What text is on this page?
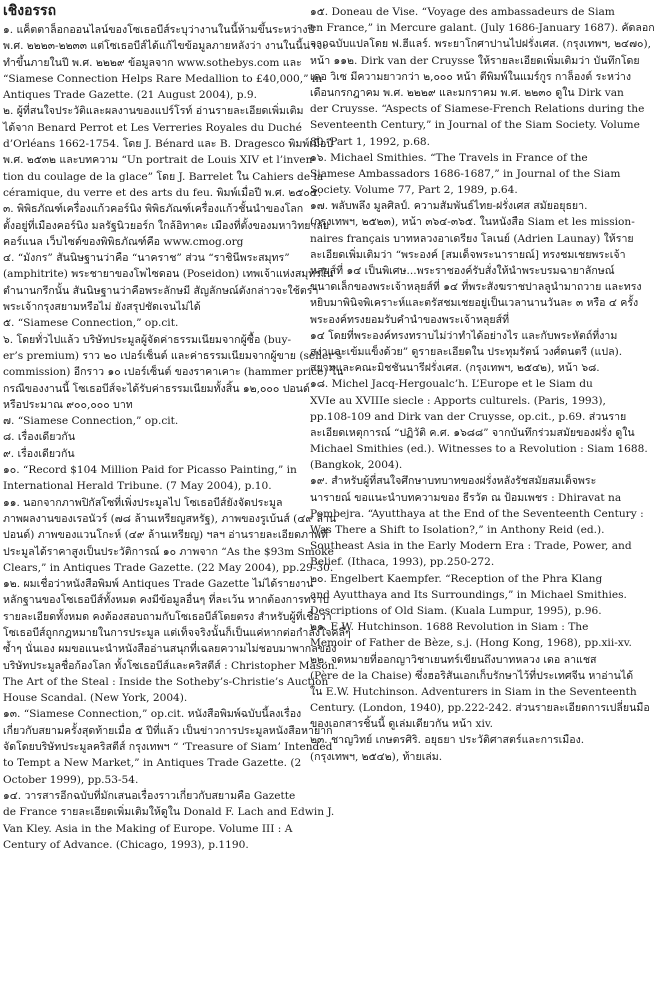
เชิงอรรถ
๑. แค็ตตาล็อกออนไลน์ของโซเธอบีส์ระบุว่างานในนี้ห้ามขึ้นระหว่างปี
พ.ศ. ๒๒๒๓-๒๒๓๓ แต่โซเธอบีส์ได้แก้ไขข้อมูลภายหลังว่า งานในนี้น่าจะ
ทำขึ้นภายในปี พ.ศ. ๒๒๒๙ ข้อมูลจาก www.sothebys.com และ
“Siamese Connection Helps Rare Medallion to £40,000,” in
Antiques Trade Gazette. (21 August 2004), p.9.
๒. ผู้ที่สนใจประวัติและผลงานของแปร์โรท์ อ่านรายละเอียดเพิ่มเติม
ได้จาก Benard Perrot et Les Verreries Royales du Duché
d’Orléans 1662-1754. โดย J. Bénard และ B. Dragesco พิมพ์เมื่อปี
พ.ศ. ๒๕๓๒ และบทความ “Un portrait de Louis XIV et l’inven-
tion du coulage de la glace” โดย J. Barrelet ใน Cahiers de la
céramique, du verre et des arts du feu. พิมพ์เมื่อปี พ.ศ. ๒๕๐๕.
๓. พิพิธภัณฑ์เครื่องแก้วคอร์นิง พิพิธภัณฑ์เครื่องแก้วชั้นนำของโลก
ตั้งอยู่ที่เมืองคอร์นิง มลรัฐนิวยอร์ก ใกล้อิทาคะ เมืองที่ตั้งของมหาวิทยาลัย
คอร์แนล เว็บไซต์ของพิพิธภัณฑ์คือ www.cmog.org
๔. “มังกร” สันนิษฐานว่าคือ “นาคราช” ส่วน “ราชินีพระสมุทร”
(amphitrite) พระชายาของโพไซดอน (Poseidon) เทพเจ้าแห่งสมุทรใน
ตำนานกรีกนั้น สันนิษฐานว่าคือพระลักษมี สัญลักษณ์ดังกล่าวจะใช้ตรา
พระเจ้ากรุงสยามหรือไม่ ยังสรุปชัดเจนไม่ได้
๕. “Siamese Connection,” op.cit.
๖. โดยทั่วไปแล้ว บริษัทประมูลผู้จัดค่าธรรมเนียมจากผู้ซื้อ (buy-
er’s premium) ราว ๒๐ เปอร์เซ็นต์ และค่าธรรมเนียมจากผู้ขาย (seller’s
commission) อีกราว ๑๐ เปอร์เซ็นต์ ของราคาเคาะ (hammer price) ใน
กรณีของงานนี้ โซเธอบีส์จะได้รับค่าธรรมเนียมทั้งสิ้น ๑๒,๐๐๐ ปอนด์
หรือประมาณ ๙๐๐,๐๐๐ บาท
๗. “Siamese Connection,” op.cit.
๘. เรื่องเดียวกัน
๙. เรื่องเดียวกัน
๑๐. “Record $104 Million Paid for Picasso Painting,” in
International Herald Tribune. (7 May 2004), p.10.
๑๑. นอกจากภาพปิกัสโซที่เพิ่งประมูลไป โซเธอบีส์ยังจัดประมูล
ภาพผลงานของเรอนัวร์ (๗๘ ล้านเหรียญสหรัฐ), ภาพของรูเบ้นส์ (๔๙ ล้าน
ปอนด์) ภาพของแวนโกะห์ (๔๙ ล้านเหรียญ) ฯลฯ อ่านรายละเอียดภาพที่
ประมูลได้ราคาสูงเป็นประวัติการณ์ ๑๐ ภาพจาก “As the $93m Smoke
Clears,” in Antiques Trade Gazette. (22 May 2004), pp.29-30.
๑๒. ผมเชื่อว่าหนังสือพิมพ์ Antiques Trade Gazette ไม่ได้รายงาน
หลักฐานของโซเธอบีส์ทั้งหมด คงมีข้อมูลอื่นๆ ที่ละเว้น หากต้องการทราบ
รายละเอียดทั้งหมด คงต้องสอบถามกับโซเธอบีส์โดยตรง สำหรับผู้ที่เชื่อว่า
โซเธอบีส์ถูกกฎหมายในการประมูล แต่เท็จจริงนั้นก็เป็นแค่หากต่อกำลังใจคลื่ๆ
ซ้ำๆ นั่นเอง ผมขอแนะนำหนังสืออ่านสนุกที่เฉลยความไม่ชอบมาพากลของ
บริษัทประมูลชื่อก้องโลก ทั้งโซเธอบีส์และคริสตีส์ : Christopher Mason.
The Art of the Steal : Inside the Sotheby’s-Christie’s Auction
House Scandal. (New York, 2004).
๑๓. “Siamese Connection,” op.cit. หนังสือพิมพ์ฉบับนี้ลงเรื่อง
เกี่ยวกับสยามครั้งสุดท้ายเมื่อ ๕ ปีที่แล้ว เป็นข่าวการประมูลหนังสือหายาก
จัดโดยบริษัทประมูลคริสตีส์ กรุงเทพฯ “ ‘Treasure of Siam’ Intended
to Tempt a New Market,” in Antiques Trade Gazette. (2
October 1999), pp.53-54.
๑๔. วารสารอีกฉบับที่มักเสนอเรื่องราวเกี่ยวกับสยามคือ Gazette
de France รายละเอียดเพิ่มเติมให้ดูใน Donald F. Lach and Edwin J.
Van Kley. Asia in the Making of Europe. Volume III : A
Century of Advance. (Chicago, 1993), p.1190.
๑๕. Doneau de Vise. “Voyage des ambassadeurs de Siam
en France,” in Mercure galant. (July 1686-January 1687). คัดลอก
จากฉบับแปลโดย ฟ.ฮีแลร์. พระยาโกศาปานไปฝรั่งเศส. (กรุงเทพฯ, ๒๔๗๐),
หน้า ๑๑๒. Dirk van der Cruysse ให้รายละเอียดเพิ่มเติมว่า บันทึกโดย
เดอ วิเซ มีความยาวกว่า ๒,๐๐๐ หน้า ตีพิมพ์ในแมร์กูร กาล็องต์ ระหว่าง
เดือนกรกฎาคม พ.ศ. ๒๒๒๙ และมกราคม พ.ศ. ๒๒๓๐ ดูใน Dirk van
der Cruysse. “Aspects of Siamese-French Relations during the
Seventeenth Century,” in Journal of the Siam Society. Volume
80, Part 1, 1992, p.68.
๑๖. Michael Smithies. “The Travels in France of the
Siamese Ambassadors 1686-1687,” in Journal of the Siam
Society. Volume 77, Part 2, 1989, p.64.
๑๗. พลับพลึง มูลศิลป์. ความสัมพันธ์ไทย-ฝรั่งเศส สมัยอยุธยา.
(กรุงเทพฯ, ๒๕๒๓), หน้า ๓๖๔-๓๖๕. ในหนังสือ Siam et les mission-
naires français บาทหลวงอาเดรียง โลเนย์ (Adrien Launay) ให้ราย
ละเอียดเพิ่มเติมว่า “พระองค์ [สมเด็จพระนารายณ์] ทรงชมเชยพระเจ้า
หลุยส์ที่ ๑๔ เป็นพิเศษ...พระราชองค์รับสั่งให้นำพระบรมฉายาลักษณ์
ขนาดเล็กของพระเจ้าหลุยส์ที่ ๑๔ ที่พระสังฆราชปาลลูนำมาถวาย และทรง
หยิบมาพินิจพิเคราะห์และตรัสชมเชยอยู่เป็นเวลานานวันละ ๓ หรือ ๔ ครั้ง
พระองค์ทรงยอมรับคำนำของพระเจ้าหลุยส์ที่
๑๔ โดยที่พระองค์ทรงทราบไม่ว่าทำได้อย่างไร และกับพระหัตถ์ที่งาม
สง่าและเข้มแข็งด้วย” ดูรายละเอียดใน ประทุมรัตน์ วงศ์ดนตรี (แปล).
สยามและคณะมิชชันนารีฝรั่งเศส. (กรุงเทพฯ, ๒๕๔๒), หน้า ๖๘.
๑๘. Michel Jacq-Hergoualc’h. L’Europe et le Siam du
XVIe au XVIIIe siecle : Apports culturels. (Paris, 1993),
pp.108-109 and Dirk van der Cruysse, op.cit., p.69. ส่วนราย
ละเอียดเหตุการณ์ “ปฏิวัติ ค.ศ. ๑๖๘๘” จากบันทึกร่วมสมัยของฝรั่ง ดูใน
Michael Smithies (ed.). Witnesses to a Revolution : Siam 1688.
(Bangkok, 2004).
๑๙. สำหรับผู้ที่สนใจศึกษาบทบาทของฝรั่งหลังรัชสมัยสมเด็จพระ
นารายณ์ ขอแนะนำบทความของ ธีรวัต ณ ป้อมเพชร : Dhiravat na
Pombejra. “Ayutthaya at the End of the Seventeenth Century :
Was There a Shift to Isolation?,” in Anthony Reid (ed.).
Southeast Asia in the Early Modern Era : Trade, Power, and
Belief. (Ithaca, 1993), pp.250-272.
๒๐. Engelbert Kaempfer. “Reception of the Phra Klang
and Ayutthaya and Its Surroundings,” in Michael Smithies.
Descriptions of Old Siam. (Kuala Lumpur, 1995), p.96.
๒๑. E.W. Hutchinson. 1688 Revolution in Siam : The
Memoir of Father de Bèze, s.j. (Hong Kong, 1968), pp.xii-xv.
๒๒. จดหมายที่ออกญาวิชาเยนทร์เขียนถึงบาทหลวง เดอ ลาแชส
(Père de la Chaise) ซึ่งฮอริสันเอกเก็บรักษาไว้ที่ประเทศจีน หาอ่านได้
ใน E.W. Hutchinson. Adventurers in Siam in the Seventeenth
Century. (London, 1940), pp.222-242. ส่วนรายละเอียดการเปลี่ยนมือ
ของเอกสารชิ้นนี้ ดูเล่มเดียวกัน หน้า xiv.
๒๓. ชาญวิทย์ เกษตรศิริ. อยุธยา ประวัติศาสตร์และการเมือง.
(กรุงเทพฯ, ๒๕๔๒), ท้ายเล่ม.
